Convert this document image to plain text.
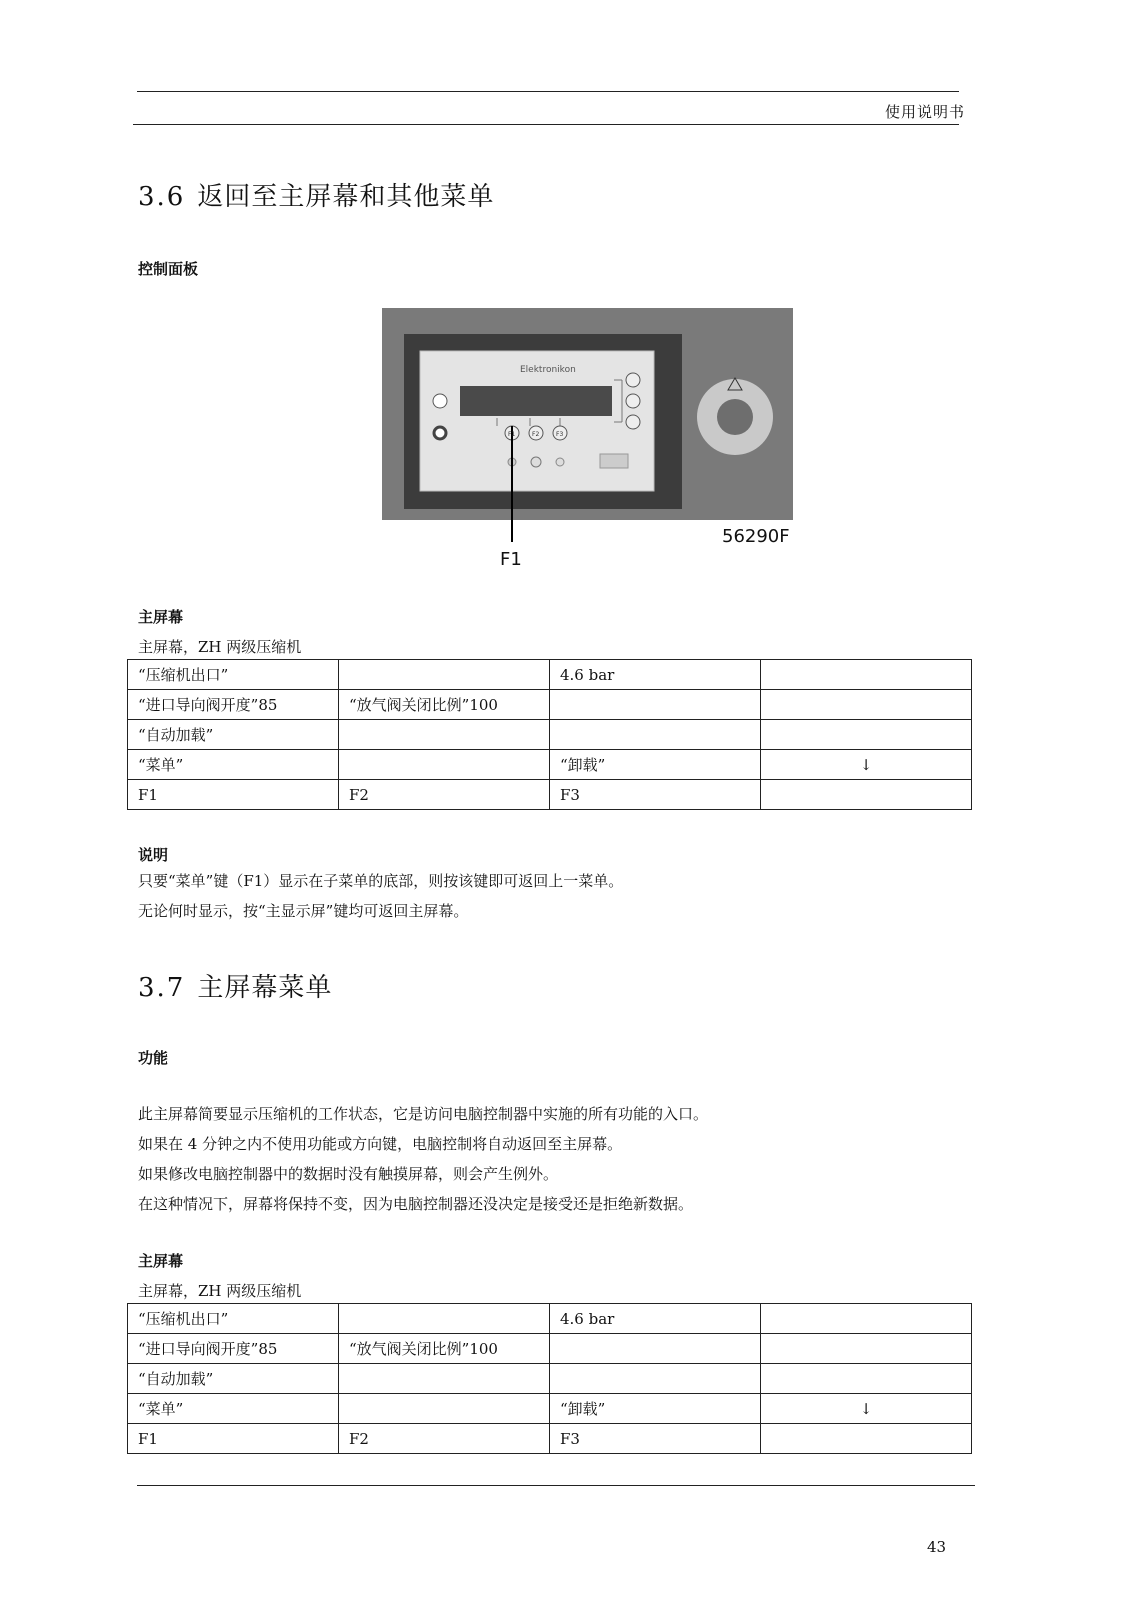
使用说明书
3.6 返回至主屏幕和其他菜单
控制面板
Elektronikon
F1
56290F
F1	F2	F3
主屏幕
主屏幕，ZH 两级压缩机
“压缩机出口”		4.6 bar	
“进口导向阀开度”85	“放气阀关闭比例”100		
“自动加载”			
“菜单”		“卸载”	↓
F1	F2	F3	
说明
只要“菜单”键（F1）显示在子菜单的底部，则按该键即可返回上一菜单。
无论何时显示，按“主显示屏”键均可返回主屏幕。
3.7 主屏幕菜单
功能
此主屏幕简要显示压缩机的工作状态，它是访问电脑控制器中实施的所有功能的入口。
如果在 4 分钟之内不使用功能或方向键，电脑控制将自动返回至主屏幕。
如果修改电脑控制器中的数据时没有触摸屏幕，则会产生例外。
在这种情况下，屏幕将保持不变，因为电脑控制器还没决定是接受还是拒绝新数据。
主屏幕
主屏幕，ZH 两级压缩机
“压缩机出口”		4.6 bar	
“进口导向阀开度”85	“放气阀关闭比例”100		
“自动加载”			
“菜单”		“卸载”	↓
F1	F2	F3	
43
